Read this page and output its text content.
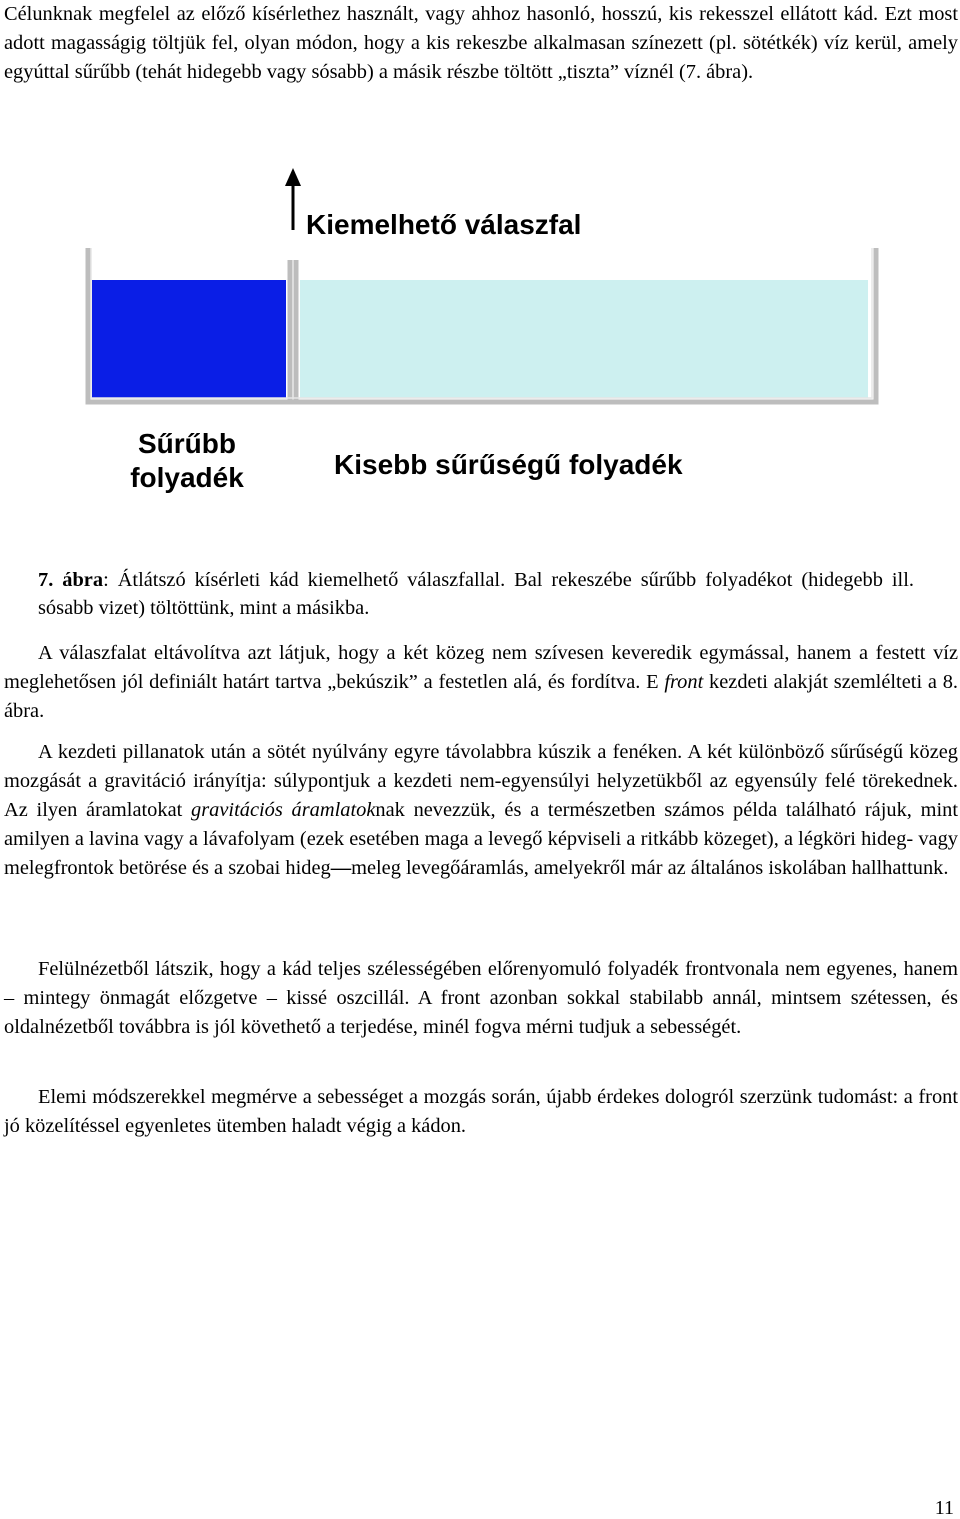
Célunknak megfelel az előző kísérlethez használt, vagy ahhoz hasonló, hosszú, kis rekesszel ellátott kád. Ezt most adott magasságig töltjük fel, olyan módon, hogy a kis rekeszbe alkalmasan színezett (pl. sötétkék) víz kerül, amely egyúttal sűrűbb (tehát hidegebb vagy sósabb) a másik részbe töltött „tiszta” víznél (7. ábra).

Kiemelhető válaszfal

Sűrűbb
folyadék	Kisebb sűrűségű folyadék

7. ábra: Átlátszó kísérleti kád kiemelhető válaszfallal. Bal rekeszébe sűrűbb folyadékot (hidegebb ill. sósabb vizet) töltöttünk, mint a másikba.

A válaszfalat eltávolítva azt látjuk, hogy a két közeg nem szívesen keveredik egymással, hanem a festett víz meglehetősen jól definiált határt tartva „bekúszik” a festetlen alá, és fordítva. E front kezdeti alakját szemlélteti a 8. ábra.

A kezdeti pillanatok után a sötét nyúlvány egyre távolabbra kúszik a fenéken. A két különböző sűrűségű közeg mozgását a gravitáció irányítja: súlypontjuk a kezdeti nem-egyensúlyi helyzetükből az egyensúly felé törekednek. Az ilyen áramlatokat gravitációs áramlatoknak nevezzük, és a természetben számos példa található rájuk, mint amilyen a lavina vagy a lávafolyam (ezek esetében maga a levegő képviseli a ritkább közeget), a légköri hideg- vagy melegfrontok betörése és a szobai hideg—meleg levegőáramlás, amelyekről már az általános iskolában hallhattunk.

Felülnézetből látszik, hogy a kád teljes szélességében előrenyomuló folyadék frontvonala nem egyenes, hanem – mintegy önmagát előzgetve – kissé oszcillál. A front azonban sokkal stabilabb annál, mintsem szétessen, és oldalnézetből továbbra is jól követhető a terjedése, minél fogva mérni tudjuk a sebességét.

Elemi módszerekkel megmérve a sebességet a mozgás során, újabb érdekes dologról szerzünk tudomást: a front jó közelítéssel egyenletes ütemben haladt végig a kádon.

11
